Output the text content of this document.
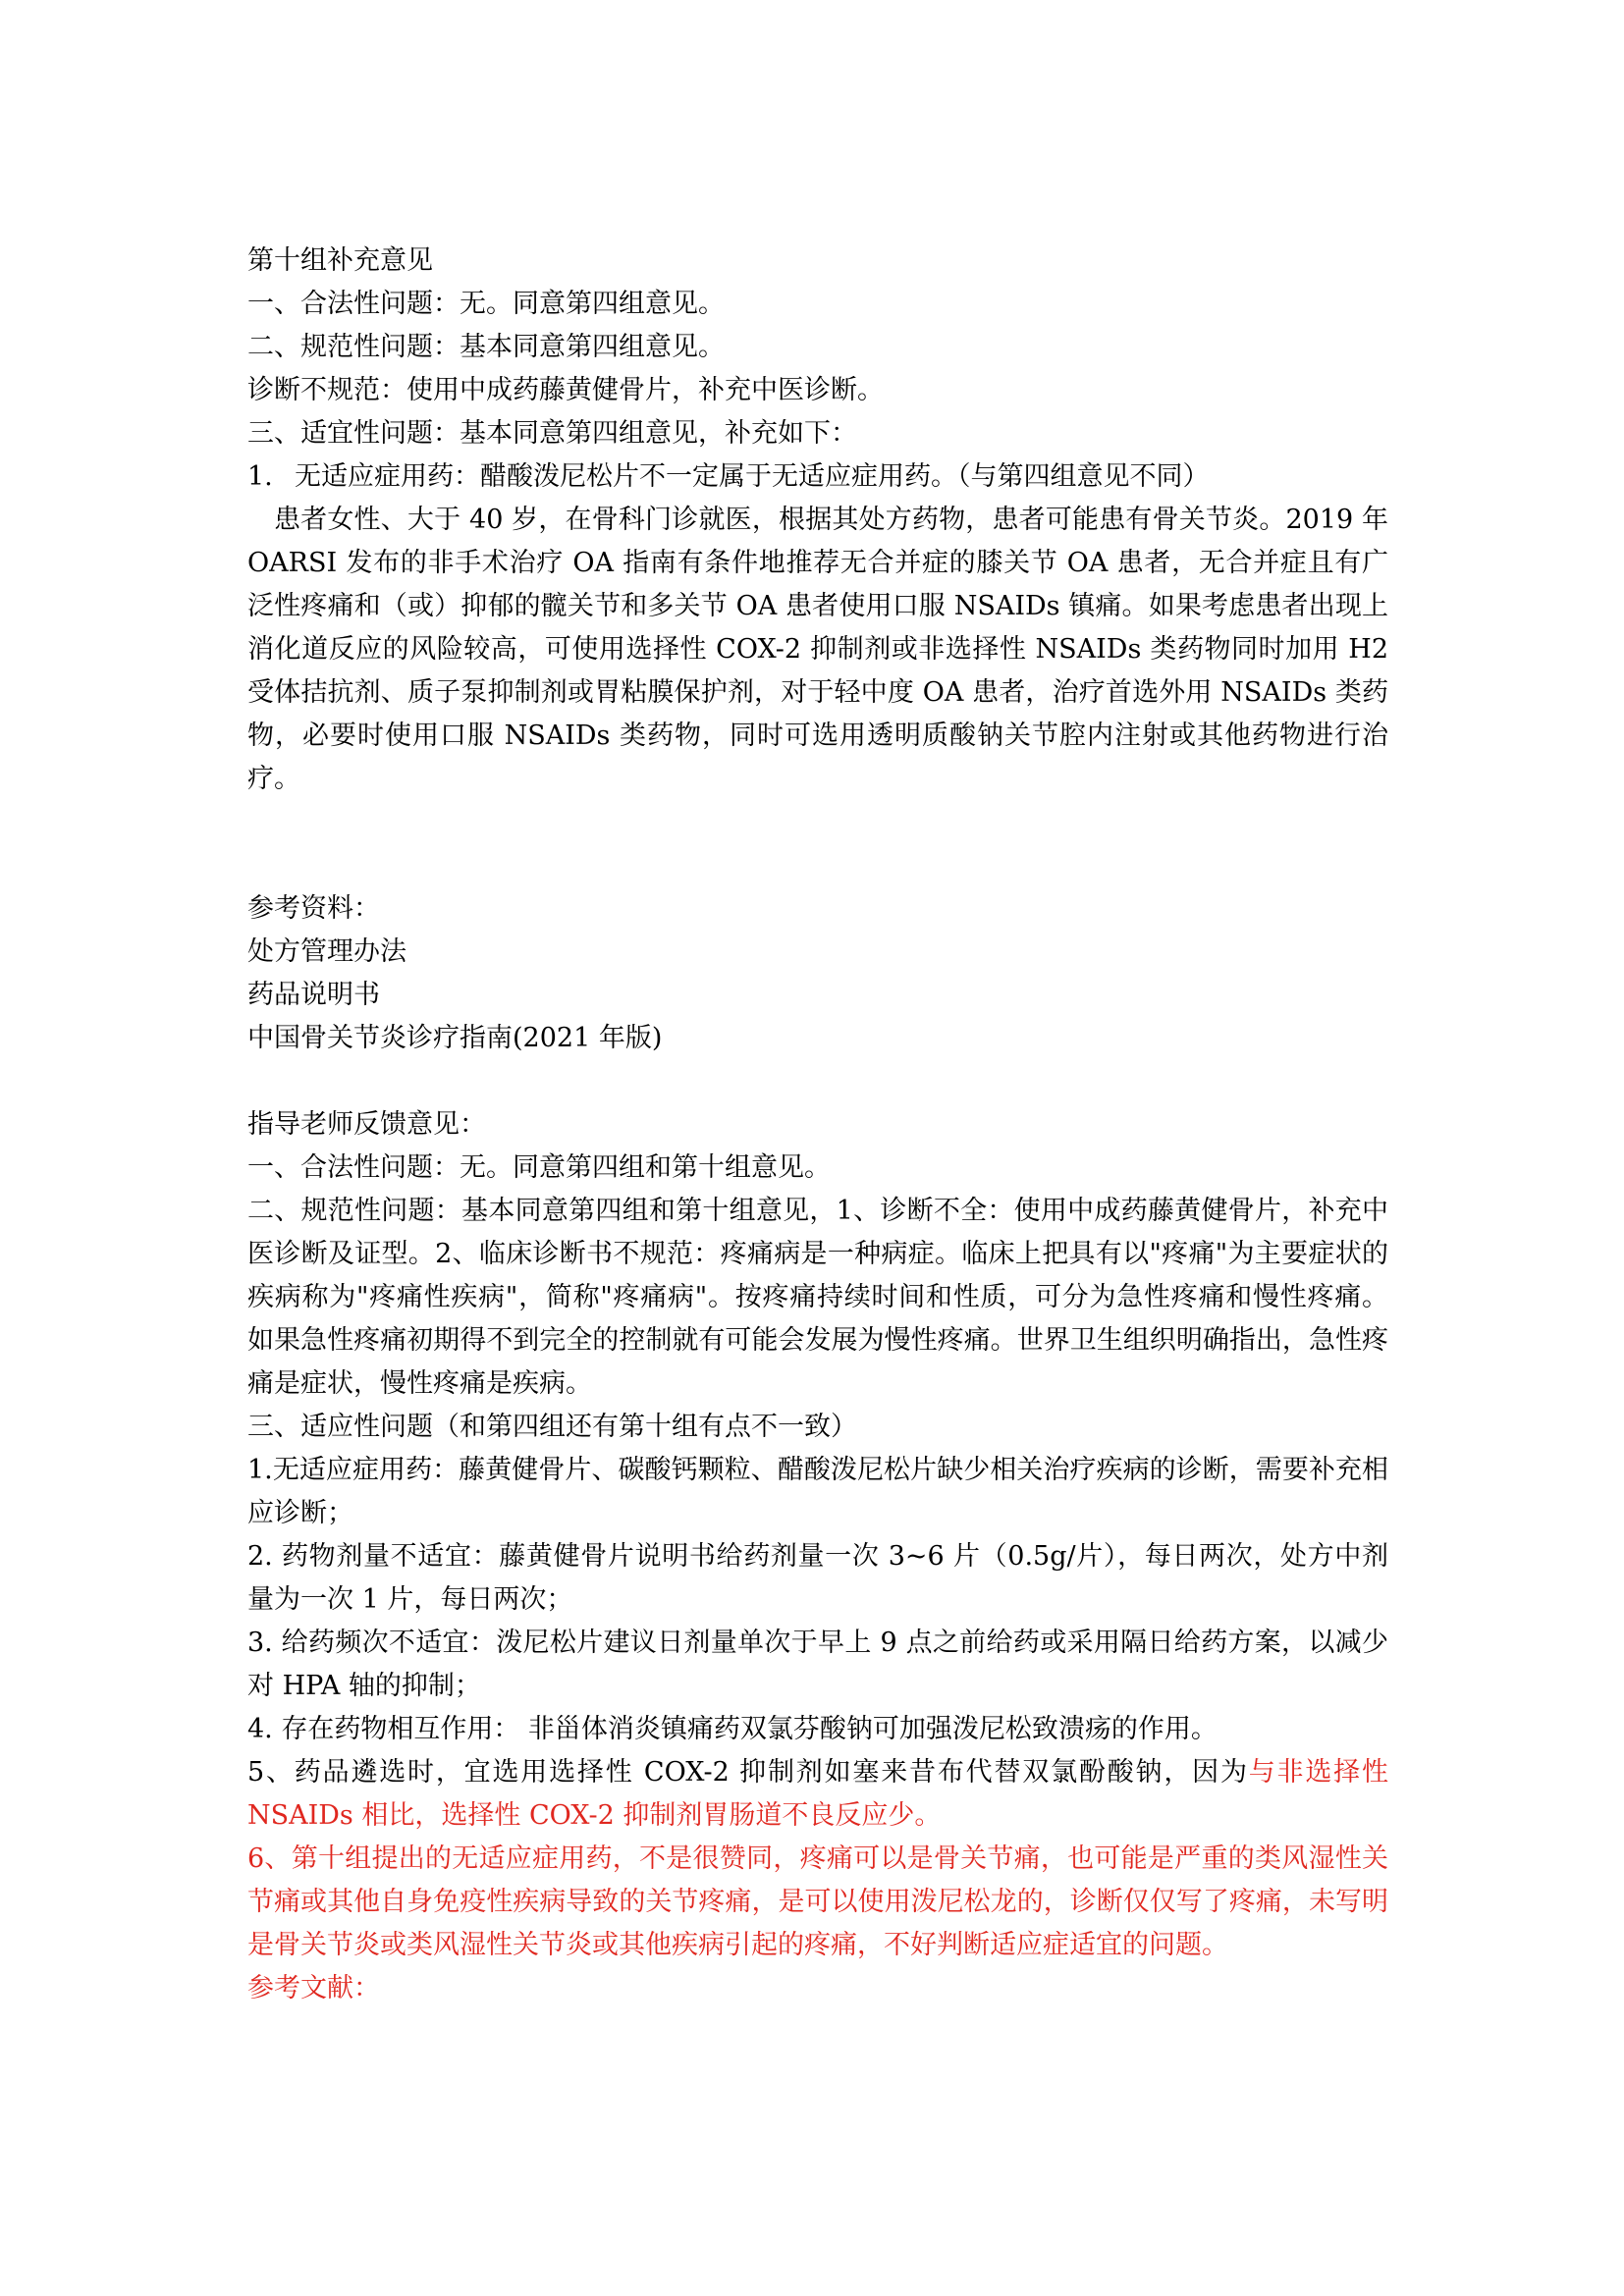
第十组补充意见

一、合法性问题：无。同意第四组意见。

二、规范性问题：基本同意第四组意见。

诊断不规范：使用中成药藤黄健骨片，补充中医诊断。

三、适宜性问题：基本同意第四组意见，补充如下：

1. 无适应症用药：醋酸泼尼松片不一定属于无适应症用药。（与第四组意见不同）

患者女性、大于 40 岁，在骨科门诊就医，根据其处方药物，患者可能患有骨关节炎。2019 年 OARSI 发布的非手术治疗 OA 指南有条件地推荐无合并症的膝关节 OA 患者，无合并症且有广泛性疼痛和（或）抑郁的髋关节和多关节 OA 患者使用口服 NSAIDs 镇痛。如果考虑患者出现上消化道反应的风险较高，可使用选择性 COX-2 抑制剂或非选择性 NSAIDs 类药物同时加用 H2 受体拮抗剂、质子泵抑制剂或胃粘膜保护剂，对于轻中度 OA 患者，治疗首选外用 NSAIDs 类药物，必要时使用口服 NSAIDs 类药物，同时可选用透明质酸钠关节腔内注射或其他药物进行治疗。

参考资料：

处方管理办法

药品说明书

中国骨关节炎诊疗指南(2021 年版)

指导老师反馈意见：

一、合法性问题：无。同意第四组和第十组意见。

二、规范性问题：基本同意第四组和第十组意见，1、诊断不全：使用中成药藤黄健骨片，补充中医诊断及证型。2、临床诊断书不规范：疼痛病是一种病症。临床上把具有以"疼痛"为主要症状的疾病称为"疼痛性疾病"，简称"疼痛病"。按疼痛持续时间和性质，可分为急性疼痛和慢性疼痛。 如果急性疼痛初期得不到完全的控制就有可能会发展为慢性疼痛。世界卫生组织明确指出，急性疼痛是症状，慢性疼痛是疾病。

三、适应性问题（和第四组还有第十组有点不一致）

1.无适应症用药：藤黄健骨片、碳酸钙颗粒、醋酸泼尼松片缺少相关治疗疾病的诊断，需要补充相应诊断；

2. 药物剂量不适宜：藤黄健骨片说明书给药剂量一次 3~6 片（0.5g/片），每日两次，处方中剂量为一次 1 片，每日两次；

3. 给药频次不适宜：泼尼松片建议日剂量单次于早上 9 点之前给药或采用隔日给药方案，以减少对 HPA 轴的抑制；

4. 存在药物相互作用： 非甾体消炎镇痛药双氯芬酸钠可加强泼尼松致溃疡的作用。

5、药品遴选时，宜选用选择性 COX-2 抑制剂如塞来昔布代替双氯酚酸钠，因为与非选择性 NSAIDs 相比，选择性 COX-2 抑制剂胃肠道不良反应少。

6、第十组提出的无适应症用药，不是很赞同，疼痛可以是骨关节痛，也可能是严重的类风湿性关节痛或其他自身免疫性疾病导致的关节疼痛，是可以使用泼尼松龙的，诊断仅仅写了疼痛，未写明是骨关节炎或类风湿性关节炎或其他疾病引起的疼痛，不好判断适应症适宜的问题。

参考文献：
